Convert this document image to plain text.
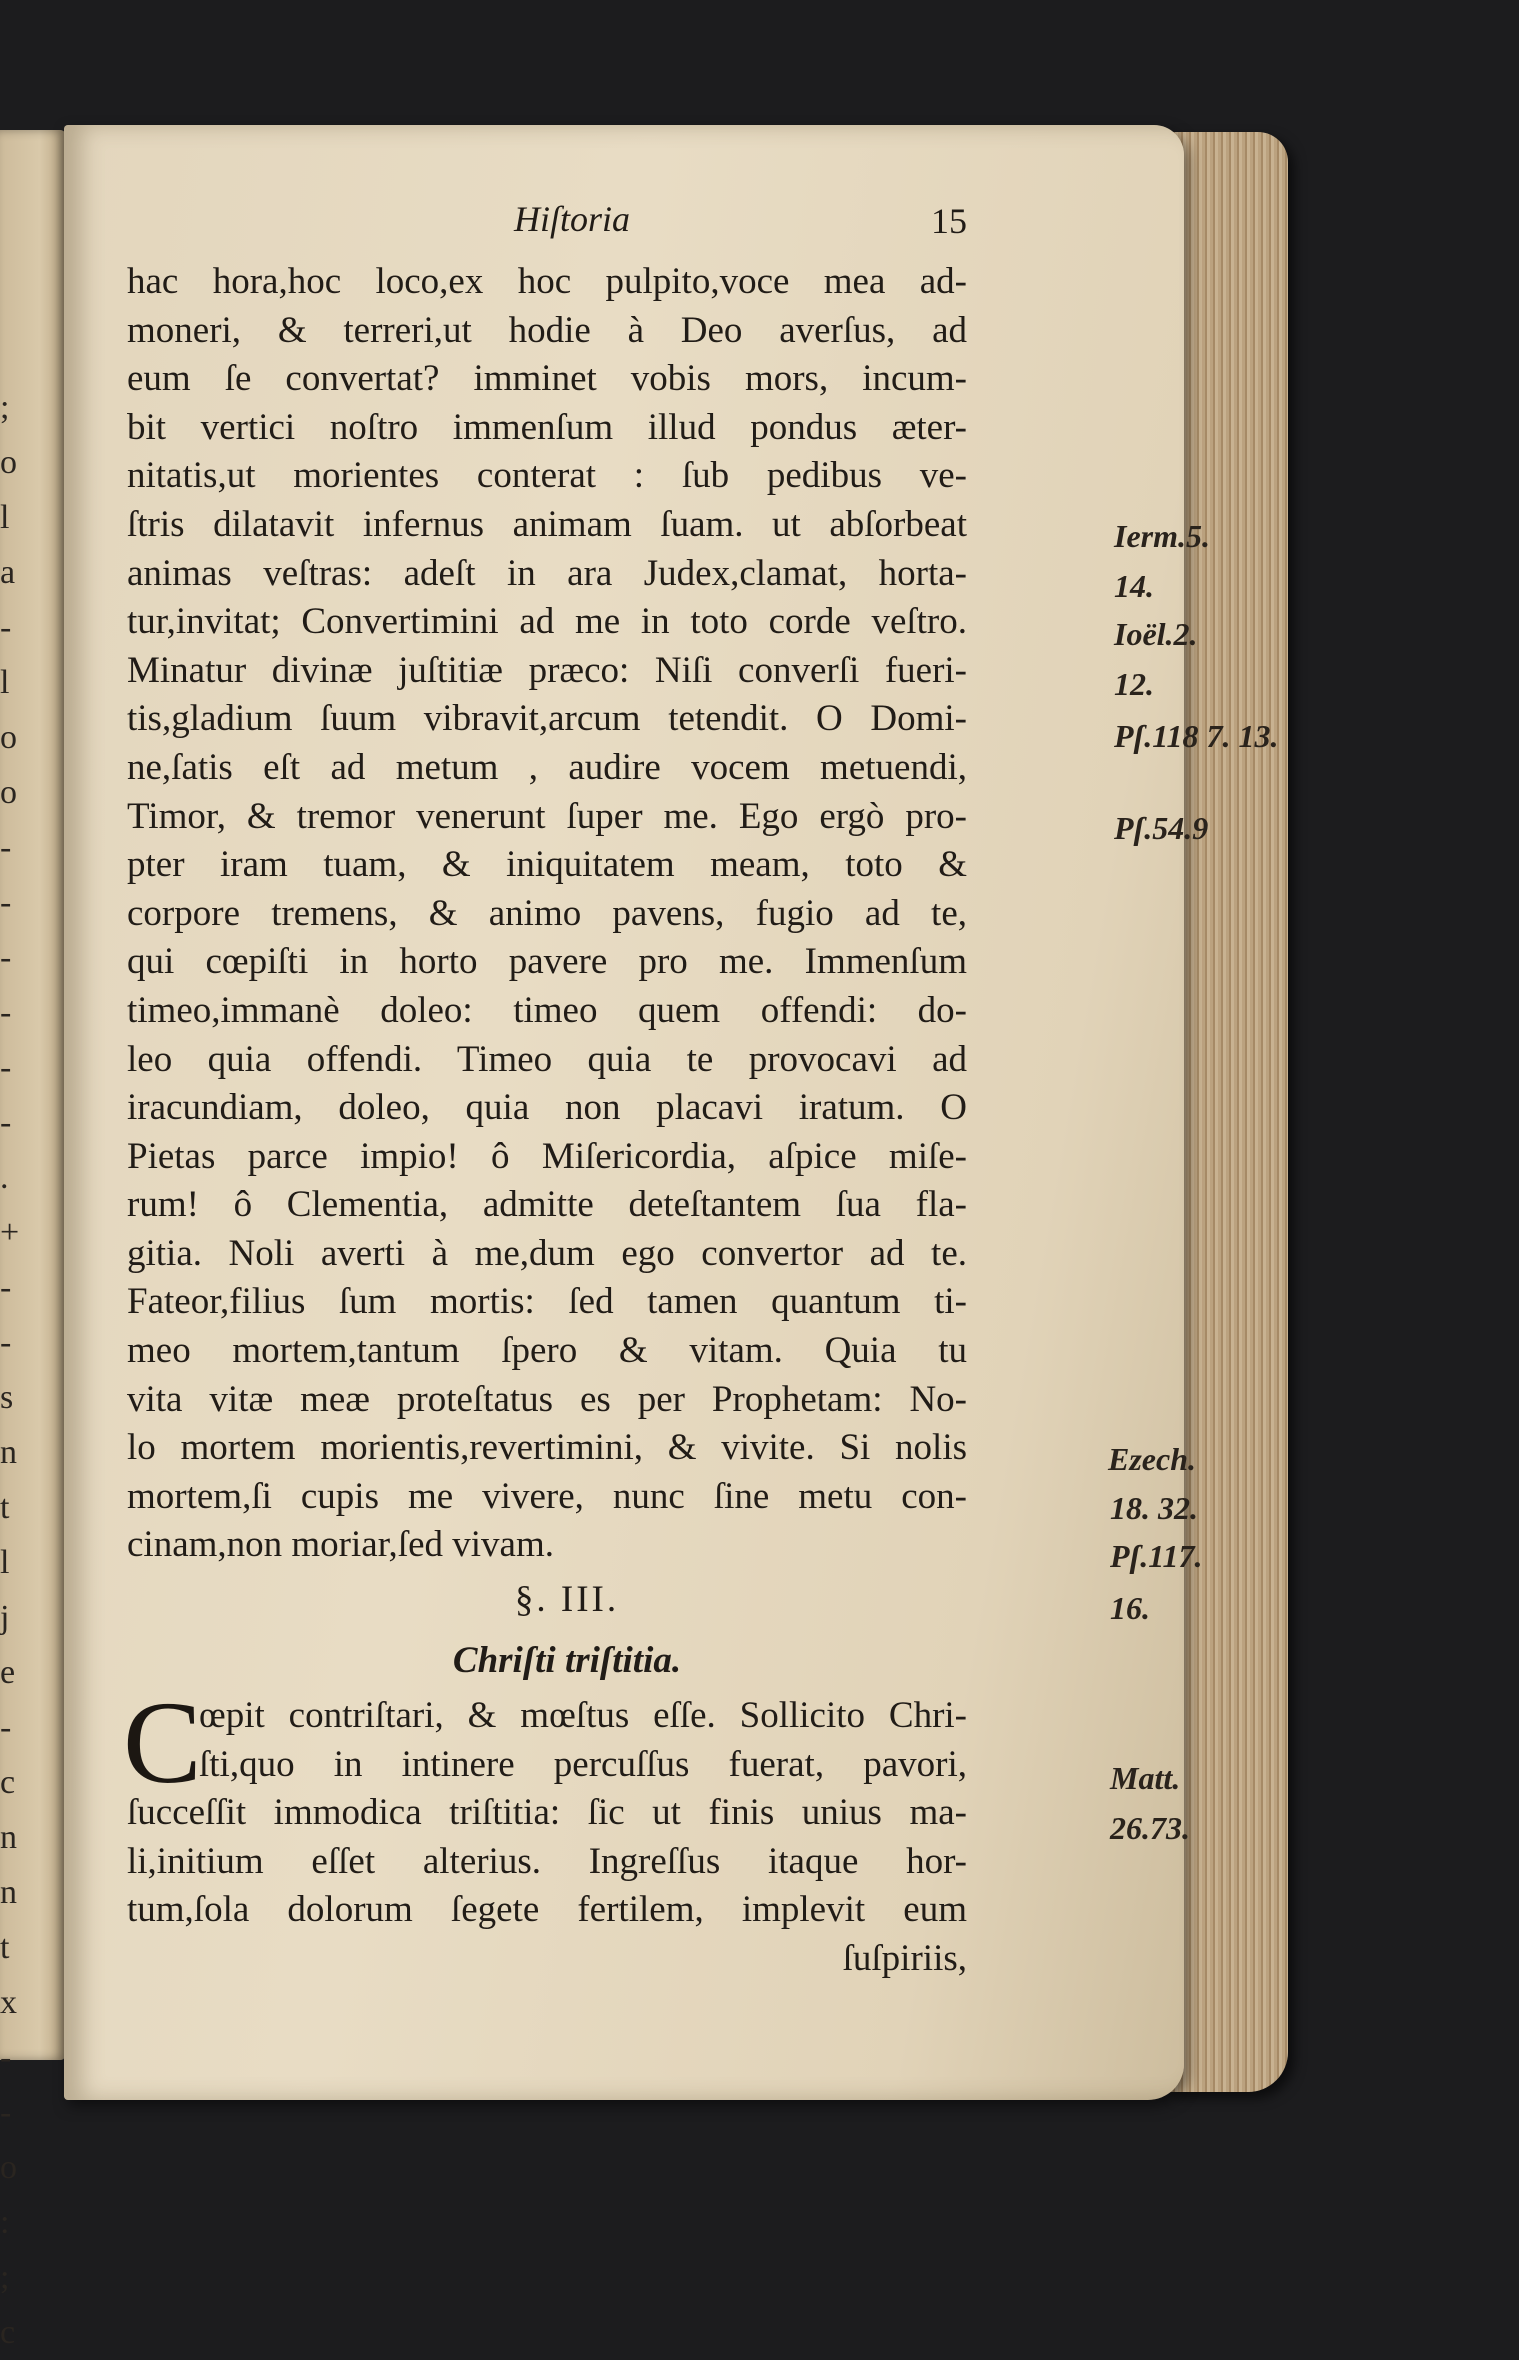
;
o
l
a
-
l
o
o
-
-
-
-
-
-
.
+
-
-
s
n
t
l
j
e
-
c
n
n
t
x
-
-
o
:
;
c
Hiſtoria	15
hac hora,hoc loco,ex hoc pulpito,voce mea ad-
moneri, & terreri,ut hodie à Deo averſus, ad
eum ſe convertat? imminet vobis mors, incum-
bit vertici noſtro immenſum illud pondus æter-
nitatis,ut morientes conterat : ſub pedibus ve-
ſtris dilatavit infernus animam ſuam. ut abſorbeat
animas veſtras: adeſt in ara Judex,clamat, horta-
tur,invitat; Convertimini ad me in toto corde veſtro.
Minatur divinæ juſtitiæ præco: Niſi converſi fueri-
tis,gladium ſuum vibravit,arcum tetendit. O Domi-
ne,ſatis eſt ad metum , audire vocem metuendi,
Timor, & tremor venerunt ſuper me. Ego ergò pro-
pter iram tuam, & iniquitatem meam, toto &
corpore tremens, & animo pavens, fugio ad te,
qui cœpiſti in horto pavere pro me. Immenſum
timeo,immanè doleo: timeo quem offendi: do-
leo quia offendi. Timeo quia te provocavi ad
iracundiam, doleo, quia non placavi iratum. O
Pietas parce impio! ô Miſericordia, aſpice miſe-
rum! ô Clementia, admitte deteſtantem ſua fla-
gitia. Noli averti à me,dum ego convertor ad te.
Fateor,filius ſum mortis: ſed tamen quantum ti-
meo mortem,tantum ſpero & vitam. Quia tu
vita vitæ meæ proteſtatus es per Prophetam: No-
lo mortem morientis,revertimini, & vivite. Si nolis
mortem,ſi cupis me vivere, nunc ſine metu con-
cinam,non moriar,ſed vivam.
§. III.
Chriſti triſtitia.
C
œpit contriſtari, & mœſtus eſſe. Sollicito Chri-
ſti,quo in intinere percuſſus fuerat, pavori,
ſucceſſit immodica triſtitia: ſic ut finis unius ma-
li,initium eſſet alterius. Ingreſſus itaque hor-
tum,ſola dolorum ſegete fertilem, implevit eum
ſuſpiriis,
Ierm.5.
14.
Ioël.2.
12.
Pſ.118 7. 13.
Pſ.54.9
Ezech.
18. 32.
Pſ.117.
16.
Matt.
26.73.
